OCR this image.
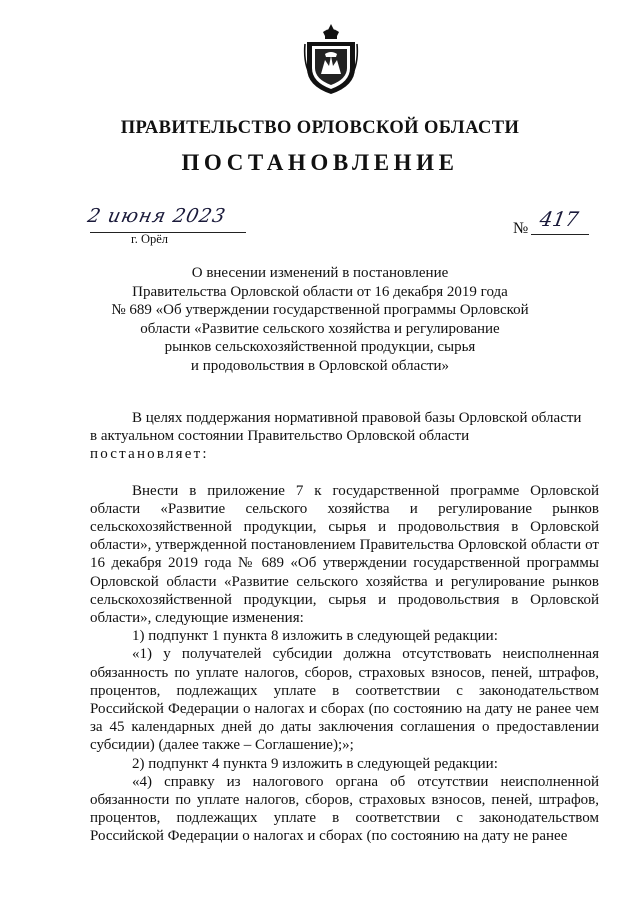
ПРАВИТЕЛЬСТВО ОРЛОВСКОЙ ОБЛАСТИ
ПОСТАНОВЛЕНИЕ
2 июня 2023
г. Орёл
№ 417
О внесении изменений в постановление
Правительства Орловской области от 16 декабря 2019 года
№ 689 «Об утверждении государственной программы Орловской
области «Развитие сельского хозяйства и регулирование
рынков сельскохозяйственной продукции, сырья
и продовольствия в Орловской области»

В целях поддержания нормативной правовой базы Орловской области

в актуальном состоянии Правительство Орловской области

постановляет:

Внести в приложение 7 к государственной программе Орловской области «Развитие сельского хозяйства и регулирование рынков сельскохозяйственной продукции, сырья и продовольствия в Орловской области», утвержденной постановлением Правительства Орловской области от 16 декабря 2019 года № 689 «Об утверждении государственной программы Орловской области «Развитие сельского хозяйства и регулирование рынков сельскохозяйственной продукции, сырья и продовольствия в Орловской области», следующие изменения:

1) подпункт 1 пункта 8 изложить в следующей редакции:

«1) у получателей субсидии должна отсутствовать неисполненная обязанность по уплате налогов, сборов, страховых взносов, пеней, штрафов, процентов, подлежащих уплате в соответствии с законодательством Российской Федерации о налогах и сборах (по состоянию на дату не ранее чем за 45 календарных дней до даты заключения соглашения о предоставлении субсидии) (далее также – Соглашение);»;

2) подпункт 4 пункта 9 изложить в следующей редакции:

«4) справку из налогового органа об отсутствии неисполненной обязанности по уплате налогов, сборов, страховых взносов, пеней, штрафов, процентов, подлежащих уплате в соответствии с законодательством Российской Федерации о налогах и сборах (по состоянию на дату не ранее
